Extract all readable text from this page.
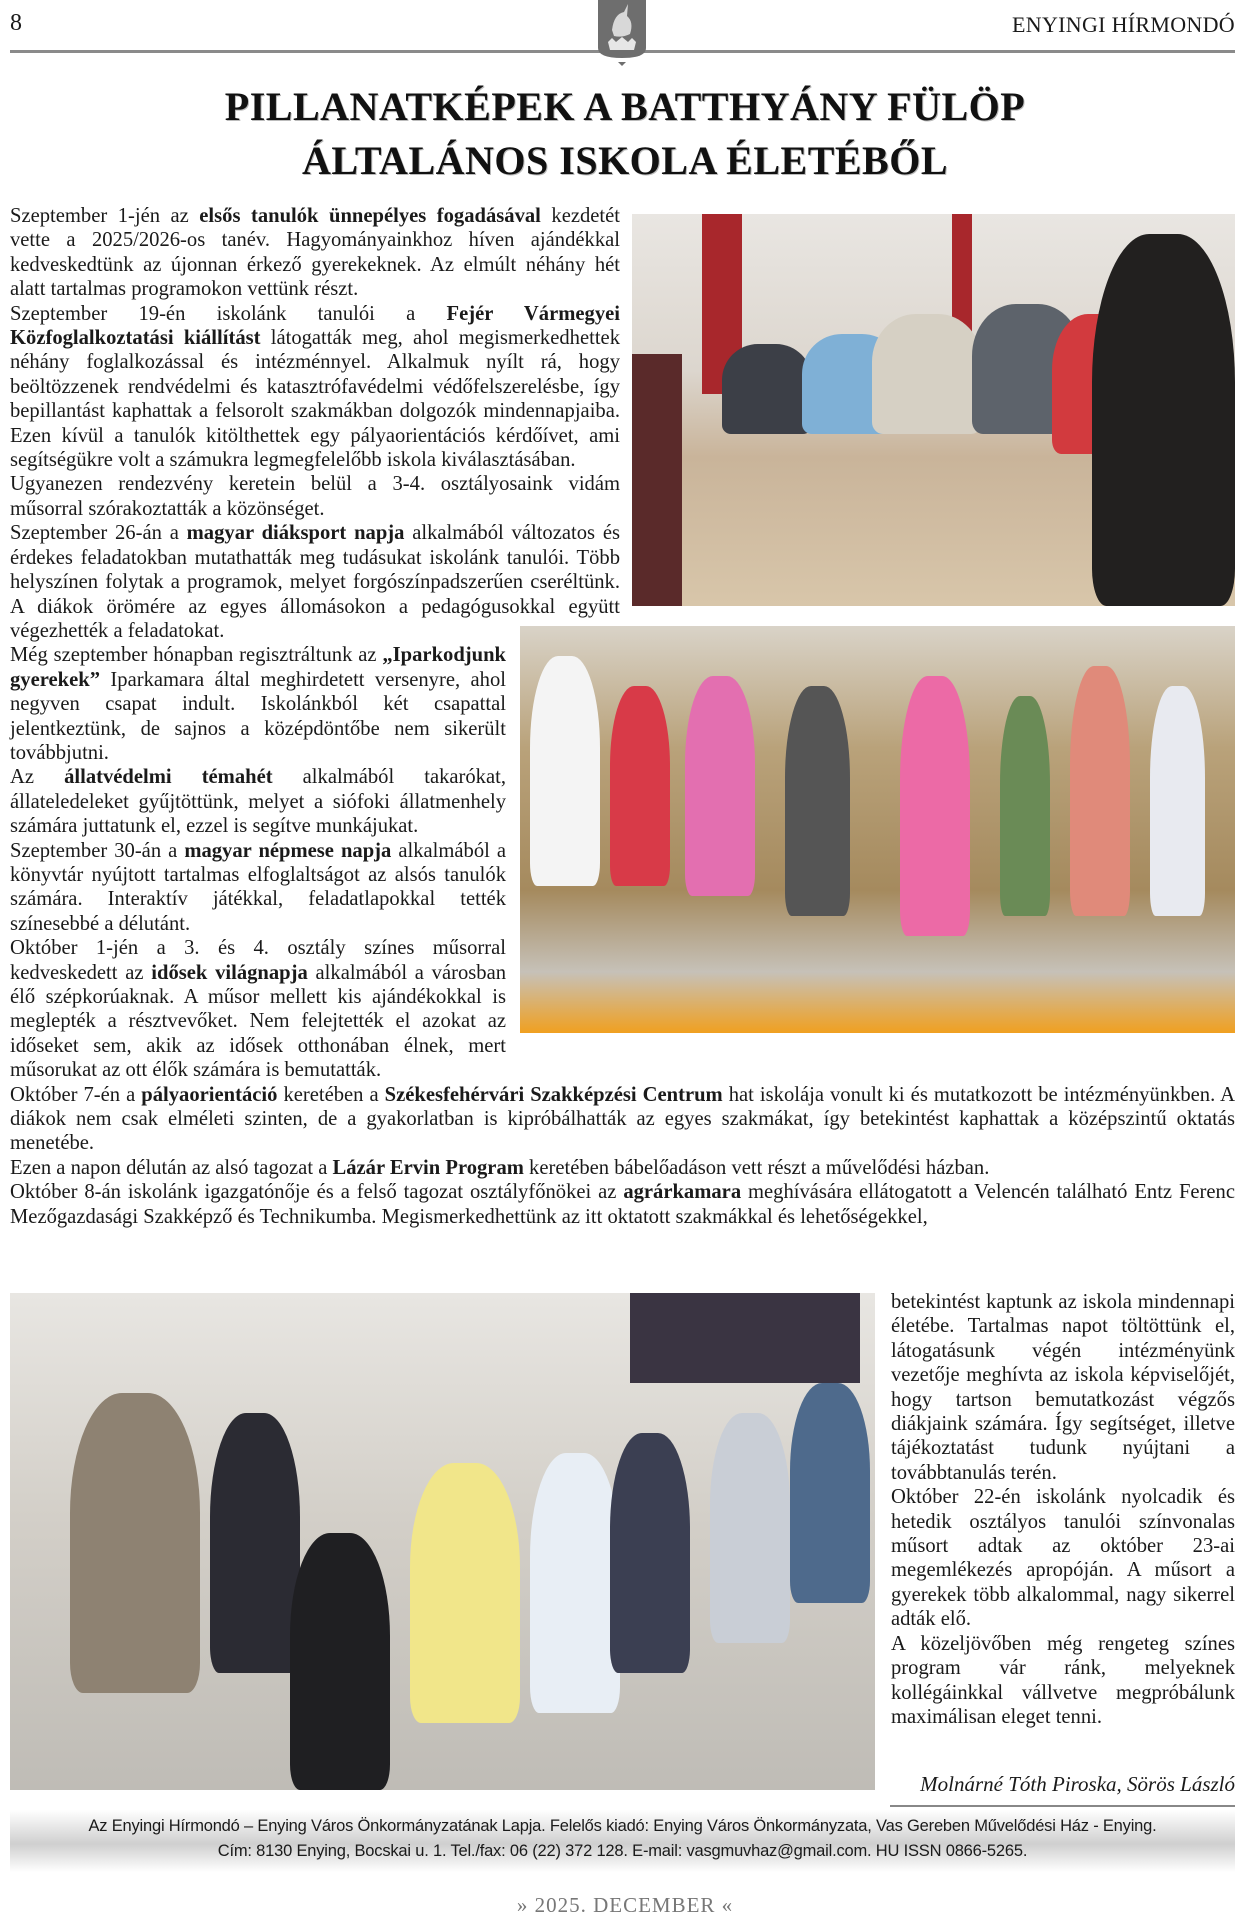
8	ENYINGI HÍRMONDÓ
PILLANATKÉPEK A BATTHYÁNY FÜLÖP
ÁLTALÁNOS ISKOLA ÉLETÉBŐL

Szeptember 1-jén az elsős tanulók ünnepélyes fogadásával kezdetét vette a 2025/2026-os tanév. Hagyományainkhoz híven ajándékkal kedveskedtünk az újonnan érkező gyerekeknek. Az elmúlt néhány hét alatt tartalmas programokon vettünk részt.

Szeptember 19-én iskolánk tanulói a Fejér Vármegyei Közfoglalkoztatási kiállítást látogatták meg, ahol megismerkedhettek néhány foglalkozással és intézménnyel. Alkalmuk nyílt rá, hogy beöltözzenek rendvédelmi és katasztrófavédelmi védőfelszerelésbe, így bepillantást kaphattak a felsorolt szakmákban dolgozók mindennapjaiba. Ezen kívül a tanulók kitölthettek egy pályaorientációs kérdőívet, ami segítségükre volt a számukra legmegfelelőbb iskola kiválasztásában.

Ugyanezen rendezvény keretein belül a 3-4. osztályosaink vidám műsorral szórakoztatták a közönséget.

Szeptember 26-án a magyar diáksport napja alkalmából változatos és érdekes feladatokban mutathatták meg tudásukat iskolánk tanulói. Több helyszínen folytak a programok, melyet forgószínpadszerűen cseréltünk. A diákok örömére az egyes állomásokon a pedagógusokkal együtt végezhették a feladatokat.

Még szeptember hónapban regisztráltunk az „Iparkodjunk gyerekek” Iparkamara által meghirdetett versenyre, ahol negyven csapat indult. Iskolánkból két csapattal jelentkeztünk, de sajnos a középdöntőbe nem sikerült továbbjutni.

Az állatvédelmi témahét alkalmából takarókat, állateledeleket gyűjtöttünk, melyet a siófoki állatmenhely számára juttatunk el, ezzel is segítve munkájukat.

Szeptember 30-án a magyar népmese napja alkalmából a könyvtár nyújtott tartalmas elfoglaltságot az alsós tanulók számára. Interaktív játékkal, feladatlapokkal tették színesebbé a délutánt.

Október 1-jén a 3. és 4. osztály színes műsorral kedveskedett az idősek világnapja alkalmából a városban élő szépkorúaknak. A műsor mellett kis ajándékokkal is meglepték a résztvevőket. Nem felejtették el azokat az időseket sem, akik az idősek otthonában élnek, mert műsorukat az ott élők számára is bemutatták.

Október 7-én a pályaorientáció keretében a Székesfehérvári Szakképzési Centrum hat iskolája vonult ki és mutatkozott be intézményünkben. A diákok nem csak elméleti szinten, de a gyakorlatban is kipróbálhatták az egyes szakmákat, így betekintést kaphattak a középszintű oktatás menetébe.

Ezen a napon délután az alsó tagozat a Lázár Ervin Program keretében bábelőadáson vett részt a művelődési házban.

Október 8-án iskolánk igazgatónője és a felső tagozat osztályfőnökei az agrárkamara meghívására ellátogatott a Velencén található Entz Ferenc Mezőgazdasági Szakképző és Technikumba. Megismerkedhettünk az itt oktatott szakmákkal és lehetőségekkel,

betekintést kaptunk az iskola mindennapi életébe. Tartalmas napot töltöttünk el, látogatásunk végén intézményünk vezetője meghívta az iskola képviselőjét, hogy tartson bemutatkozást végzős diákjaink számára. Így segítséget, illetve tájékoztatást tudunk nyújtani a továbbtanulás terén.

Október 22-én iskolánk nyolcadik és hetedik osztályos tanulói színvonalas műsort adtak az október 23-ai megemlékezés apropóján. A műsort a gyerekek több alkalommal, nagy sikerrel adták elő.

A közeljövőben még rengeteg színes program vár ránk, melyeknek kollégáinkkal vállvetve megpróbálunk maximálisan eleget tenni.

Molnárné Tóth Piroska, Sörös László
Az Enyingi Hírmondó – Enying Város Önkormányzatának Lapja. Felelős kiadó: Enying Város Önkormányzata, Vas Gereben Művelődési Ház - Enying.
Cím: 8130 Enying, Bocskai u. 1. Tel./fax: 06 (22) 372 128. E-mail: vasgmuvhaz@gmail.com. HU ISSN 0866-5265.
» 2025. DECEMBER «
